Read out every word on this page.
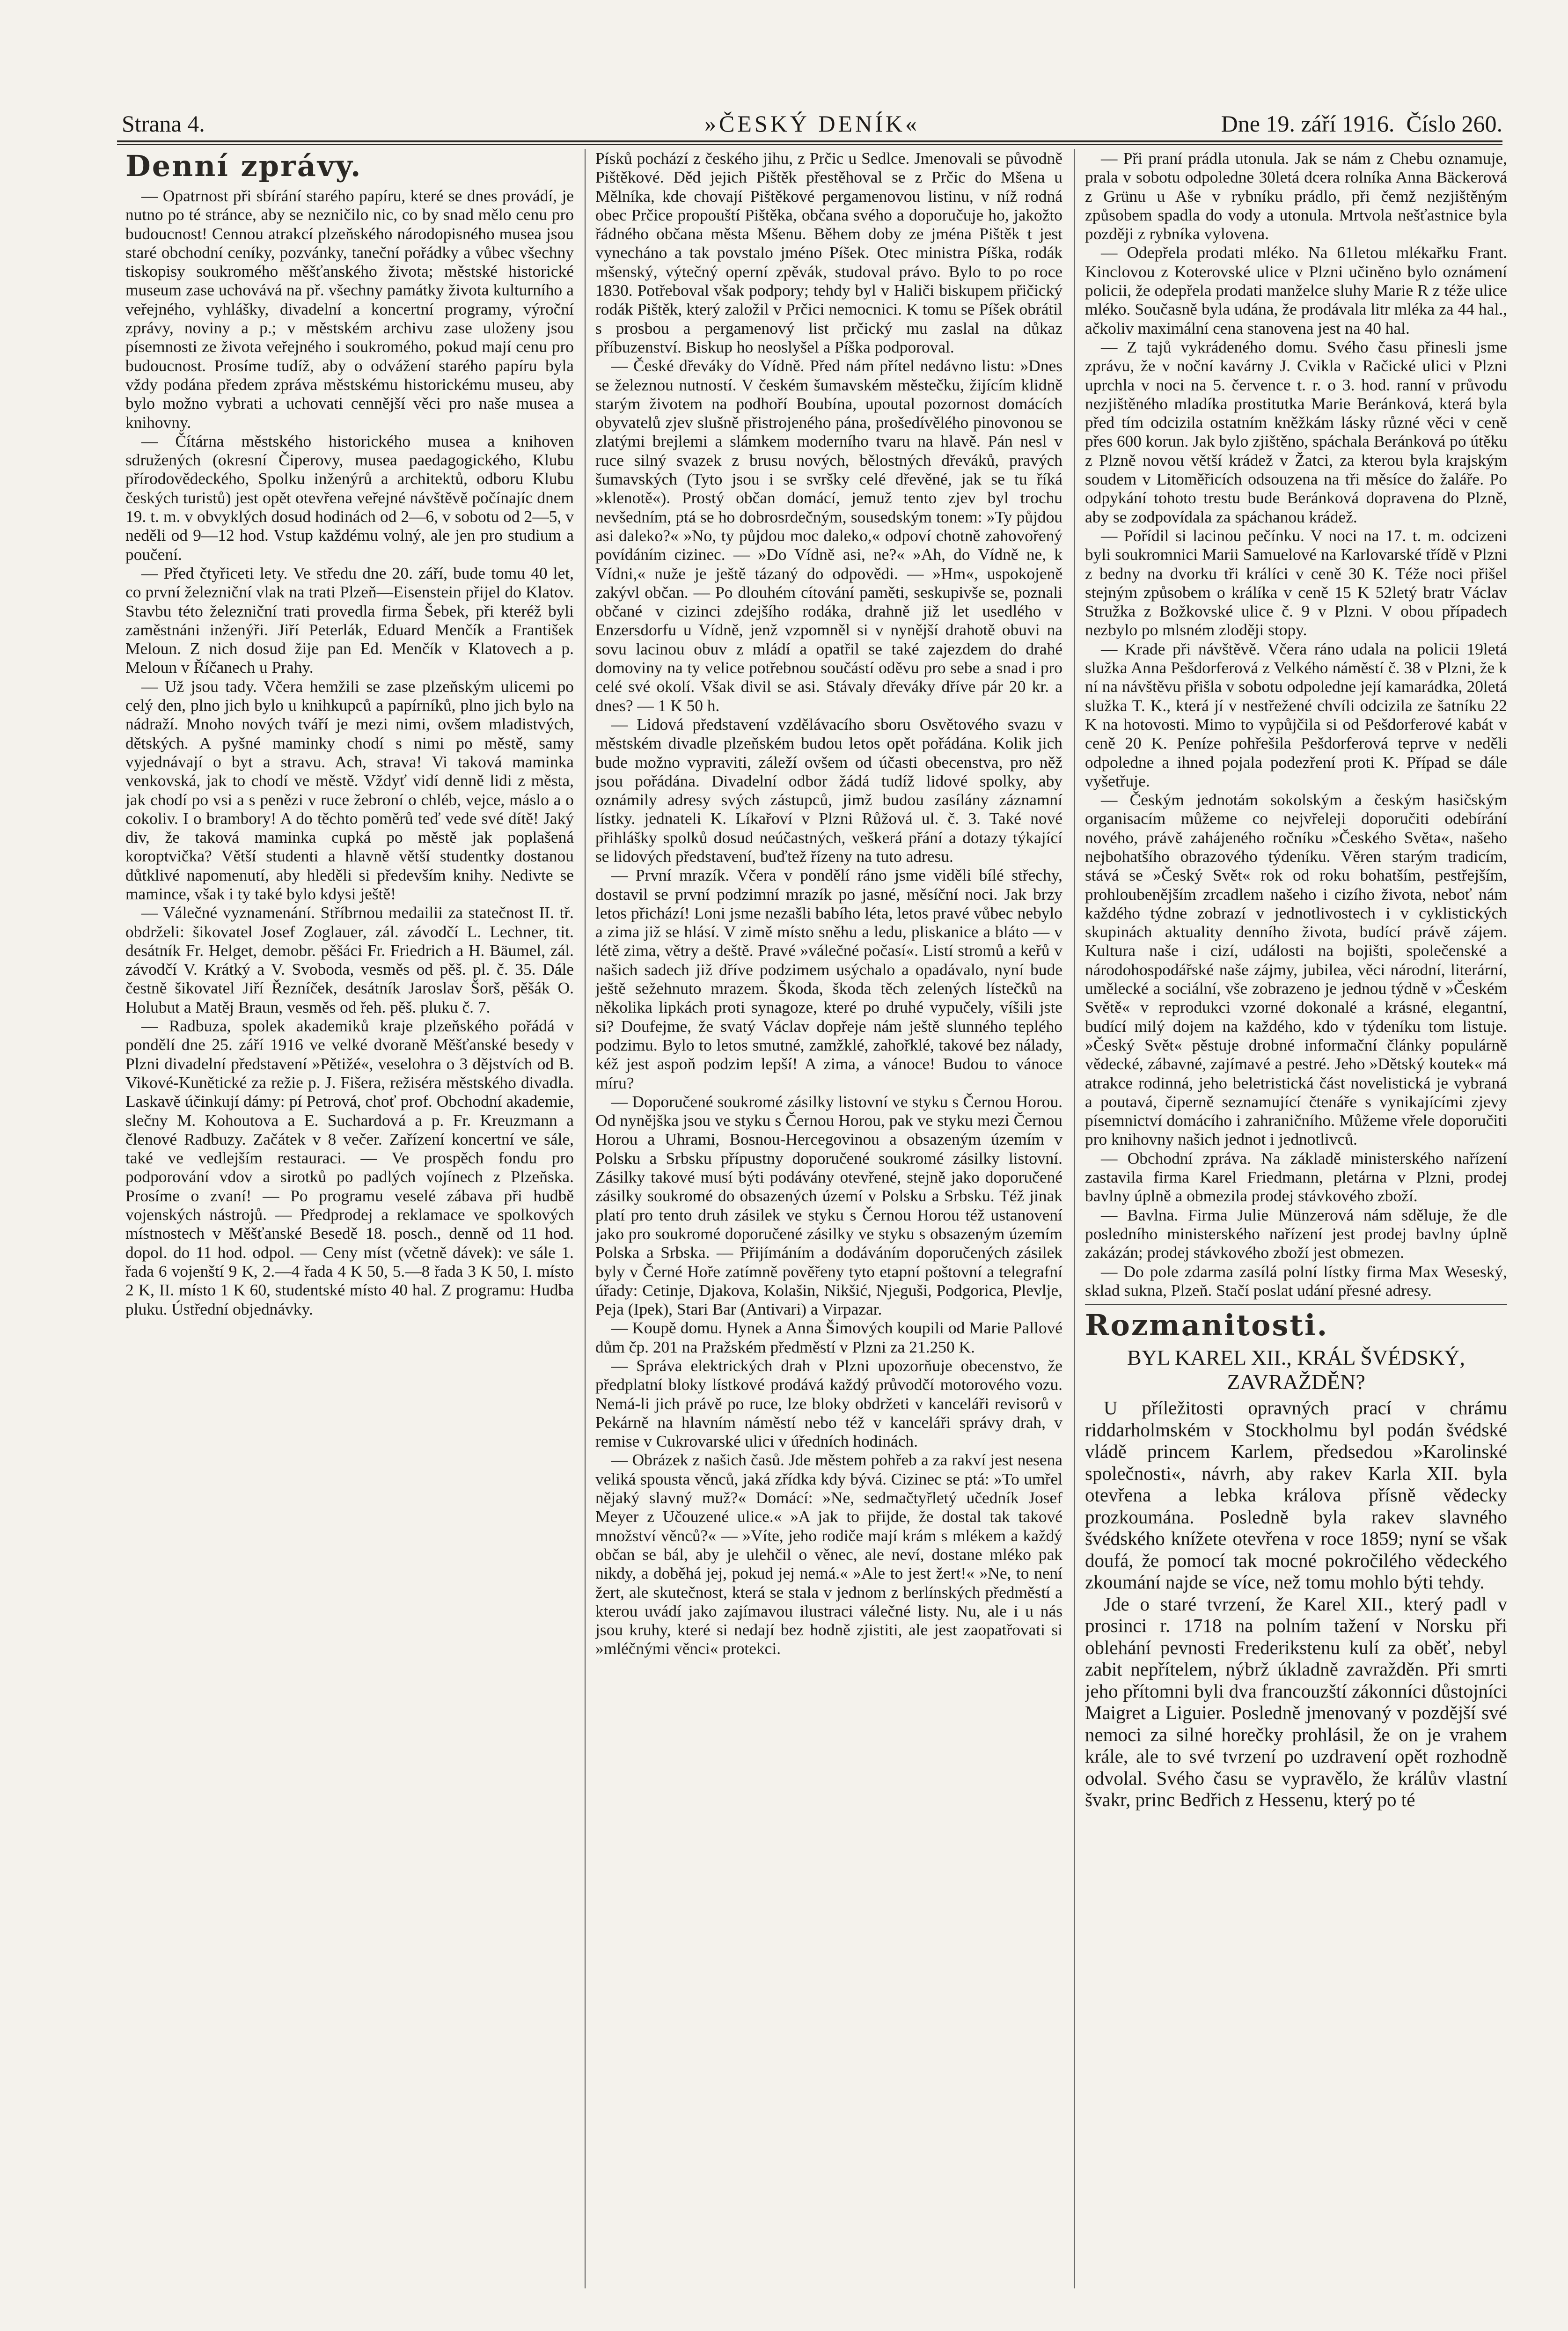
Strana 4.	»ČESKÝ DENÍK«	Dne 19. září 1916. Číslo 260.
Denní zprávy.

— Opatrnost při sbírání starého papíru, které se dnes provádí, je nutno po té stránce, aby se nezničilo nic, co by snad mělo cenu pro budoucnost! Cennou atrakcí plzeňského národopisného musea jsou staré obchodní ceníky, pozvánky, taneční pořádky a vůbec všechny tiskopisy soukromého měšťanského života; městské historické museum zase uchovává na př. všechny památky života kulturního a veřejného, vyhlášky, divadelní a koncertní programy, výroční zprávy, noviny a p.; v městském archivu zase uloženy jsou písemnosti ze života veřejného i soukromého, pokud mají cenu pro budoucnost. Prosíme tudíž, aby o odvážení starého papíru byla vždy podána předem zpráva městskému historickému museu, aby bylo možno vybrati a uchovati cennější věci pro naše musea a knihovny.

— Čítárna městského historického musea a knihoven sdružených (okresní Čiperovy, musea paedagogického, Klubu přírodovědeckého, Spolku inženýrů a architektů, odboru Klubu českých turistů) jest opět otevřena veřejné návštěvě počínajíc dnem 19. t. m. v obvyklých dosud hodinách od 2—6, v sobotu od 2—5, v neděli od 9—12 hod. Vstup každému volný, ale jen pro studium a poučení.

— Před čtyřiceti lety. Ve středu dne 20. září, bude tomu 40 let, co první železniční vlak na trati Plzeň—Eisenstein přijel do Klatov. Stavbu této železniční trati provedla firma Šebek, při kteréž byli zaměstnáni inženýři. Jiří Peterlák, Eduard Menčík a František Meloun. Z nich dosud žije pan Ed. Menčík v Klatovech a p. Meloun v Říčanech u Prahy.

— Už jsou tady. Včera hemžili se zase plzeňským ulicemi po celý den, plno jich bylo u knihkupců a papírníků, plno jich bylo na nádraží. Mnoho nových tváří je mezi nimi, ovšem mladistvých, dětských. A pyšné maminky chodí s nimi po městě, samy vyjednávají o byt a stravu. Ach, strava! Vi taková maminka venkovská, jak to chodí ve městě. Vždyť vidí denně lidi z města, jak chodí po vsi a s penězi v ruce žebroní o chléb, vejce, máslo a o cokoliv. I o brambory! A do těchto poměrů teď vede své dítě! Jaký div, že taková maminka cupká po městě jak poplašená koroptvička? Větší studenti a hlavně větší studentky dostanou důtklivé napomenutí, aby hleděli si především knihy. Nedivte se mamince, však i ty také bylo kdysi ještě!

— Válečné vyznamenání. Stříbrnou medailii za statečnost II. tř. obdrželi: šikovatel Josef Zoglauer, zál. závodčí L. Lechner, tit. desátník Fr. Helget, demobr. pěšáci Fr. Friedrich a H. Bäumel, zál. závodčí V. Krátký a V. Svoboda, vesměs od pěš. pl. č. 35. Dále čestně šikovatel Jiří Řezníček, desátník Jaroslav Šorš, pěšák O. Holubut a Matěj Braun, vesměs od řeh. pěš. pluku č. 7.

— Radbuza, spolek akademiků kraje plzeňského pořádá v pondělí dne 25. září 1916 ve velké dvoraně Měšťanské besedy v Plzni divadelní představení »Pětižé«, veselohra o 3 dějstvích od B. Vikové-Kunětické za režie p. J. Fišera, režiséra městského divadla. Laskavě účinkují dámy: pí Petrová, choť prof. Obchodní akademie, slečny M. Kohoutova a E. Suchardová a p. Fr. Kreuzmann a členové Radbuzy. Začátek v 8 večer. Zařízení koncertní ve sále, také ve vedlejším restauraci. — Ve prospěch fondu pro podporování vdov a sirotků po padlých vojínech z Plzeňska. Prosíme o zvaní! — Po programu veselé zábava při hudbě vojenských nástrojů. — Předprodej a reklamace ve spolkových místnostech v Měšťanské Besedě 18. posch., denně od 11 hod. dopol. do 11 hod. odpol. — Ceny míst (včetně dávek): ve sále 1. řada 6 vojenští 9 K, 2.—4 řada 4 K 50, 5.—8 řada 3 K 50, I. místo 2 K, II. místo 1 K 60, studentské místo 40 hal. Z programu: Hudba pluku. Ústřední objednávky.

Písků pochází z českého jihu, z Prčic u Sedlce. Jmenovali se původně Pištěkové. Děd jejich Pištěk přestěhoval se z Prčic do Mšena u Mělníka, kde chovají Pištěkové pergamenovou listinu, v níž rodná obec Prčice propouští Pištěka, občana svého a doporučuje ho, jakožto řádného občana města Mšenu. Během doby ze jména Pištěk t jest vynecháno a tak povstalo jméno Píšek. Otec ministra Píška, rodák mšenský, výtečný operní zpěvák, studoval právo. Bylo to po roce 1830. Potřeboval však podpory; tehdy byl v Haliči biskupem přičický rodák Pištěk, který založil v Prčici nemocnici. K tomu se Píšek obrátil s prosbou a pergamenový list prčický mu zaslal na důkaz příbuzenství. Biskup ho neoslyšel a Píška podporoval.

— České dřeváky do Vídně. Před nám přítel nedávno listu: »Dnes se železnou nutností. V českém šumavském městečku, žijícím klidně starým životem na podhoří Boubína, upoutal pozornost domácích obyvatelů zjev slušně přistrojeného pána, prošedívělého pinovonou se zlatými brejlemi a slámkem moderního tvaru na hlavě. Pán nesl v ruce silný svazek z brusu nových, bělostných dřeváků, pravých šumavských (Tyto jsou i se svršky celé dřevěné, jak se tu říká »klenotě«). Prostý občan domácí, jemuž tento zjev byl trochu nevšedním, ptá se ho dobrosrdečným, sousedským tonem: »Ty půjdou asi daleko?« »No, ty půjdou moc daleko,« odpoví chotně zahovořený povídáním cizinec. — »Do Vídně asi, ne?« »Ah, do Vídně ne, k Vídni,« nuže je ještě tázaný do odpovědi. — »Hm«, uspokojeně zakývl občan. — Po dlouhém cítování paměti, seskupivše se, poznali občané v cizinci zdejšího rodáka, drahně již let usedlého v Enzersdorfu u Vídně, jenž vzpomněl si v nynější drahotě obuvi na sovu lacinou obuv z mládí a opatřil se také zajezdem do drahé domoviny na ty velice potřebnou součástí oděvu pro sebe a snad i pro celé své okolí. Však divil se asi. Stávaly dřeváky dříve pár 20 kr. a dnes? — 1 K 50 h.

— Lidová představení vzdělávacího sboru Osvětového svazu v městském divadle plzeňském budou letos opět pořádána. Kolik jich bude možno vypraviti, záleží ovšem od účasti obecenstva, pro něž jsou pořádána. Divadelní odbor žádá tudíž lidové spolky, aby oznámily adresy svých zástupců, jimž budou zasílány záznamní lístky. jednateli K. Líkařoví v Plzni Růžová ul. č. 3. Také nové přihlášky spolků dosud neúčastných, veškerá přání a dotazy týkající se lidových představení, buďtež řízeny na tuto adresu.

— První mrazík. Včera v pondělí ráno jsme viděli bílé střechy, dostavil se první podzimní mrazík po jasné, měsíční noci. Jak brzy letos přichází! Loni jsme nezašli babího léta, letos pravé vůbec nebylo a zima již se hlásí. V zimě místo sněhu a ledu, pliskanice a bláto — v létě zima, větry a deště. Pravé »válečné počasí«. Listí stromů a keřů v našich sadech již dříve podzimem usýchalo a opadávalo, nyní bude ještě sežehnuto mrazem. Škoda, škoda těch zelených lístečků na několika lipkách proti synagoze, které po druhé vypučely, víšili jste si? Doufejme, že svatý Václav dopřeje nám ještě slunného teplého podzimu. Bylo to letos smutné, zamžklé, zahořklé, takové bez nálady, kéž jest aspoň podzim lepší! A zima, a vánoce! Budou to vánoce míru?

— Doporučené soukromé zásilky listovní ve styku s Černou Horou. Od nynějška jsou ve styku s Černou Horou, pak ve styku mezi Černou Horou a Uhrami, Bosnou-Hercegovinou a obsazeným územím v Polsku a Srbsku přípustny doporučené soukromé zásilky listovní. Zásilky takové musí býti podávány otevřené, stejně jako doporučené zásilky soukromé do obsazených území v Polsku a Srbsku. Též jinak platí pro tento druh zásilek ve styku s Černou Horou též ustanovení jako pro soukromé doporučené zásilky ve styku s obsazeným územím Polska a Srbska. — Přijímáním a dodáváním doporučených zásilek byly v Černé Hoře zatímně pověřeny tyto etapní poštovní a telegrafní úřady: Cetinje, Djakova, Kolašin, Nikšić, Njeguši, Podgorica, Plevlje, Peja (Ipek), Stari Bar (Antivari) a Virpazar.

— Koupě domu. Hynek a Anna Šimových koupili od Marie Pallové dům čp. 201 na Pražském předměstí v Plzni za 21.250 K.

— Správa elektrických drah v Plzni upozorňuje obecenstvo, že předplatní bloky lístkové prodává každý průvodčí motorového vozu. Nemá-li jich právě po ruce, lze bloky obdržeti v kanceláři revisorů v Pekárně na hlavním náměstí nebo též v kanceláři správy drah, v remise v Cukrovarské ulici v úředních hodinách.

— Obrázek z našich časů. Jde městem pohřeb a za rakví jest nesena veliká spousta věnců, jaká zřídka kdy bývá. Cizinec se ptá: »To umřel nějaký slavný muž?« Domácí: »Ne, sedmačtyřletý učedník Josef Meyer z Učouzené ulice.« »A jak to přijde, že dostal tak takové množství věnců?« — »Víte, jeho rodiče mají krám s mlékem a každý občan se bál, aby je ulehčil o věnec, ale neví, dostane mléko pak nikdy, a doběhá jej, pokud jej nemá.« »Ale to jest žert!« »Ne, to není žert, ale skutečnost, která se stala v jednom z berlínských předměstí a kterou uvádí jako zajímavou ilustraci válečné listy. Nu, ale i u nás jsou kruhy, které si nedají bez hodně zjistiti, ale jest zaopatřovati si »mléčnými věnci« protekci.

— Při praní prádla utonula. Jak se nám z Chebu oznamuje, prala v sobotu odpoledne 30letá dcera rolníka Anna Bäckerová z Grünu u Aše v rybníku prádlo, při čemž nezjištěným způsobem spadla do vody a utonula. Mrtvola nešťastnice byla později z rybníka vylovena.

— Odepřela prodati mléko. Na 61letou mlékařku Frant. Kinclovou z Koterovské ulice v Plzni učiněno bylo oznámení policii, že odepřela prodati manželce sluhy Marie R z téže ulice mléko. Současně byla udána, že prodávala litr mléka za 44 hal., ačkoliv maximální cena stanovena jest na 40 hal.

— Z tajů vykrádeného domu. Svého času přinesli jsme zprávu, že v noční kavárny J. Cvikla v Račické ulici v Plzni uprchla v noci na 5. července t. r. o 3. hod. ranní v průvodu nezjištěného mladíka prostitutka Marie Beránková, která byla před tím odcizila ostatním kněžkám lásky různé věci v ceně přes 600 korun. Jak bylo zjištěno, spáchala Beránková po útěku z Plzně novou větší krádež v Žatci, za kterou byla krajským soudem v Litoměřicích odsouzena na tři měsíce do žaláře. Po odpykání tohoto trestu bude Beránková dopravena do Plzně, aby se zodpovídala za spáchanou krádež.

— Pořídil si lacinou pečínku. V noci na 17. t. m. odcizeni byli soukromnici Marii Samuelové na Karlovarské třídě v Plzni z bedny na dvorku tři králíci v ceně 30 K. Téže noci přišel stejným způsobem o králíka v ceně 15 K 52letý bratr Václav Stružka z Božkovské ulice č. 9 v Plzni. V obou případech nezbylo po mlsném zloději stopy.

— Krade při návštěvě. Včera ráno udala na policii 19letá služka Anna Pešdorferová z Velkého náměstí č. 38 v Plzni, že k ní na návštěvu přišla v sobotu odpoledne její kamarádka, 20letá služka T. K., která jí v nestřežené chvíli odcizila ze šatníku 22 K na hotovosti. Mimo to vypůjčila si od Pešdorferové kabát v ceně 20 K. Peníze pohřešila Pešdorferová teprve v neděli odpoledne a ihned pojala podezření proti K. Případ se dále vyšetřuje.

— Českým jednotám sokolským a českým hasičským organisacím můžeme co nejvřeleji doporučiti odebírání nového, právě zahájeného ročníku »Českého Světa«, našeho nejbohatšího obrazového týdeníku. Věren starým tradicím, stává se »Český Svět« rok od roku bohatším, pestřejším, prohloubenějším zrcadlem našeho i cizího života, neboť nám každého týdne zobrazí v jednotlivostech i v cyklistických skupinách aktuality denního života, budící právě zájem. Kultura naše i cizí, události na bojišti, společenské a národohospodářské naše zájmy, jubilea, věci národní, literární, umělecké a sociální, vše zobrazeno je jednou týdně v »Českém Světě« v reprodukci vzorné dokonalé a krásné, elegantní, budící milý dojem na každého, kdo v týdeníku tom listuje. »Český Svět« pěstuje drobné informační články populárně vědecké, zábavné, zajímavé a pestré. Jeho »Dětský koutek« má atrakce rodinná, jeho beletristická část novelistická je vybraná a poutavá, čiperně seznamující čtenáře s vynikajícími zjevy písemnictví domácího i zahraničního. Můžeme vřele doporučiti pro knihovny našich jednot i jednotlivců.

— Obchodní zpráva. Na základě ministerského nařízení zastavila firma Karel Friedmann, pletárna v Plzni, prodej bavlny úplně a obmezila prodej stávkového zboží.

— Bavlna. Firma Julie Münzerová nám sděluje, že dle posledního ministerského nařízení jest prodej bavlny úplně zakázán; prodej stávkového zboží jest obmezen.

— Do pole zdarma zasílá polní lístky firma Max Weseský, sklad sukna, Plzeň. Stačí poslat udání přesné adresy.

Rozmanitosti.
BYL KAREL XII., KRÁL ŠVÉDSKÝ, ZAVRAŽDĚN?

U příležitosti opravných prací v chrámu riddarholmském v Stockholmu byl podán švédské vládě princem Karlem, předsedou »Karolinské společnosti«, návrh, aby rakev Karla XII. byla otevřena a lebka králova přísně vědecky prozkoumána. Posledně byla rakev slavného švédského knížete otevřena v roce 1859; nyní se však doufá, že pomocí tak mocné pokročilého vědeckého zkoumání najde se více, než tomu mohlo býti tehdy.

Jde o staré tvrzení, že Karel XII., který padl v prosinci r. 1718 na polním tažení v Norsku při oblehání pevnosti Frederikstenu kulí za oběť, nebyl zabit nepřítelem, nýbrž úkladně zavražděn. Při smrti jeho přítomni byli dva francouzští zákonníci důstojníci Maigret a Liguier. Posledně jmenovaný v pozdější své nemoci za silné horečky prohlásil, že on je vrahem krále, ale to své tvrzení po uzdravení opět rozhodně odvolal. Svého času se vypravělo, že králův vlastní švakr, princ Bedřich z Hessenu, který po té
